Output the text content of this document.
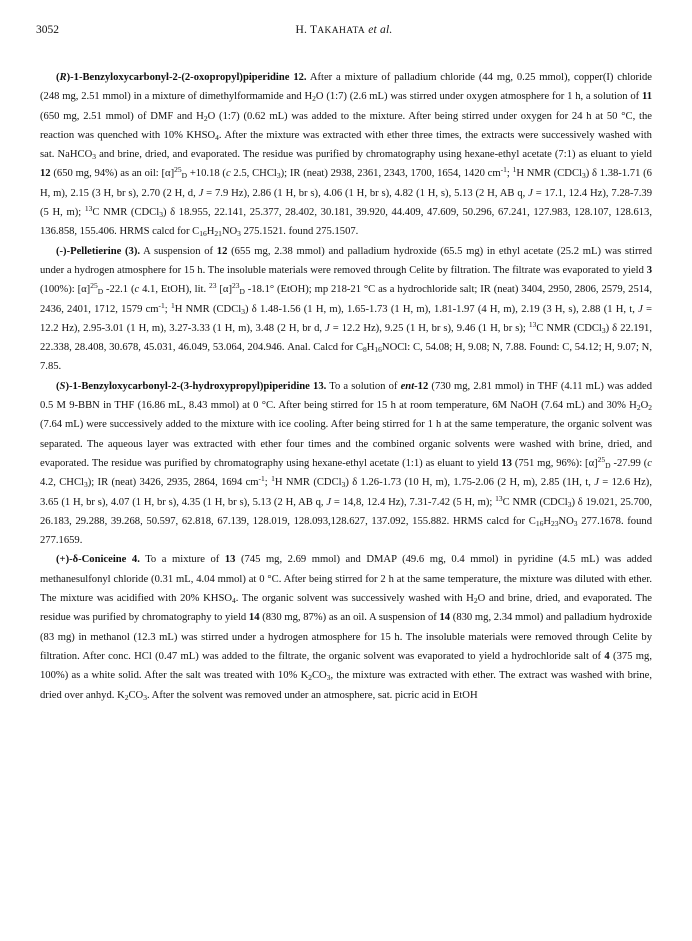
3052	H. TAKAHATA et al.

(R)-1-Benzyloxycarbonyl-2-(2-oxopropyl)piperidine 12. After a mixture of palladium chloride (44 mg, 0.25 mmol), copper(I) chloride (248 mg, 2.51 mmol) in a mixture of dimethylformamide and $H_2O$ (1:7) (2.6 mL) was stirred under oxygen atmosphere for 1 h, a solution of 11 (650 mg, 2.51 mmol) of DMF and $H_2O$ (1:7) (0.62 mL) was added to the mixture. After being stirred under oxygen for 24 h at 50 °C, the reaction was quenched with 10% $KHSO_4$. After the mixture was extracted with ether three times, the extracts were successively washed with sat. NaHCO$_3$ and brine, dried, and evaporated. The residue was purified by chromatography using hexane-ethyl acetate (7:1) as eluant to yield 12 (650 mg, 94%) as an oil: $[\alpha]^{25}_D +10.18$ (c 2.5, CHCl$_3$); IR (neat) 2938, 2361, 2343, 1700, 1654, 1420 $cm^{-1}$; $^1$H NMR (CDCl$_3$) δ 1.38-1.71 (6 H, m), 2.15 (3 H, br s), 2.70 (2 H, d, J = 7.9 Hz), 2.86 (1 H, br s), 4.06 (1 H, br s), 4.82 (1 H, s), 5.13 (2 H, AB q, J = 17.1, 12.4 Hz), 7.28-7.39 (5 H, m); $^{13}$C NMR (CDCl$_3$) δ 18.955, 22.141, 25.377, 28.402, 30.181, 39.920, 44.409, 47.609, 50.296, 67.241, 127.983, 128.107, 128.613, 136.858, 155.406. HRMS calcd for $C_{16}H_{21}NO_3$ 275.1521. found 275.1507.

(-)-Pelletierine (3). A suspension of 12 (655 mg, 2.38 mmol) and palladium hydroxide (65.5 mg) in ethyl acetate (25.2 mL) was stirred under a hydrogen atmosphere for 15 h. The insoluble materials were removed through Celite by filtration. The filtrate was evaporated to yield 3 (100%): $[\alpha]^{25}_D$ -22.1 (c 4.1, EtOH), lit. $^{23}$ $[\alpha]^{23}_D$ -18.1° (EtOH); mp 218-21 °C as a hydrochloride salt; IR (neat) 3404, 2950, 2806, 2579, 2514, 2436, 2401, 1712, 1579 $cm^{-1}$; $^1$H NMR (CDCl$_3$) δ 1.48-1.56 (1 H, m), 1.65-1.73 (1 H, m), 1.81-1.97 (4 H, m), 2.19 (3 H, s), 2.88 (1 H, t, J = 12.2 Hz), 2.95-3.01 (1 H, m), 3.27-3.33 (1 H, m), 3.48 (2 H, br d, J = 12.2 Hz), 9.25 (1 H, br s), 9.46 (1 H, br s); $^{13}$C NMR (CDCl$_3$) δ 22.191, 22.338, 28.408, 30.678, 45.031, 46.049, 53.064, 204.946. Anal. Calcd for $C_8H_{16}NOCl$: C, 54.08; H, 9.08; N, 7.88. Found: C, 54.12; H, 9.07; N, 7.85.

(S)-1-Benzyloxycarbonyl-2-(3-hydroxypropyl)piperidine 13. To a solution of ent-12 (730 mg, 2.81 mmol) in THF (4.11 mL) was added 0.5 M 9-BBN in THF (16.86 mL, 8.43 mmol) at 0 °C. After being stirred for 15 h at room temperature, 6M NaOH (7.64 mL) and 30% $H_2O_2$ (7.64 mL) were successively added to the mixture with ice cooling. After being stirred for 1 h at the same temperature, the organic solvent was separated. The aqueous layer was extracted with ether four times and the combined organic solvents were washed with brine, dried, and evaporated. The residue was purified by chromatography using hexane-ethyl acetate (1:1) as eluant to yield 13 (751 mg, 96%): $[\alpha]^{25}_D$ -27.99 (c 4.2, CHCl$_3$); IR (neat) 3426, 2935, 2864, 1694 $cm^{-1}$; $^1$H NMR (CDCl$_3$) δ 1.26-1.73 (10 H, m), 1.75-2.06 (2 H, m), 2.85 (1H, t, J = 12.6 Hz), 3.65 (1 H, br s), 4.07 (1 H, br s), 4.35 (1 H, br s), 5.13 (2 H, AB q, J = 14,8, 12.4 Hz), 7.31-7.42 (5 H, m); $^{13}$C NMR (CDCl$_3$) δ 19.021, 25.700, 26.183, 29.288, 39.268, 50.597, 62.818, 67.139, 128.019, 128.093,128.627, 137.092, 155.882. HRMS calcd for $C_{16}H_{23}NO_3$ 277.1678. found 277.1659.

(+)-δ-Coniceine 4. To a mixture of 13 (745 mg, 2.69 mmol) and DMAP (49.6 mg, 0.4 mmol) in pyridine (4.5 mL) was added methanesulfonyl chloride (0.31 mL, 4.04 mmol) at 0 °C. After being stirred for 2 h at the same temperature, the mixture was diluted with ether. The mixture was acidified with 20% $KHSO_4$. The organic solvent was successively washed with $H_2O$ and brine, dried, and evaporated. The residue was purified by chromatography to yield 14 (830 mg, 87%) as an oil. A suspension of 14 (830 mg, 2.34 mmol) and palladium hydroxide (83 mg) in methanol (12.3 mL) was stirred under a hydrogen atmosphere for 15 h. The insoluble materials were removed through Celite by filtration. After conc. HCl (0.47 mL) was added to the filtrate, the organic solvent was evaporated to yield a hydrochloride salt of 4 (375 mg, 100%) as a white solid. After the salt was treated with 10% $K_2CO_3$, the mixture was extracted with ether. The extract was washed with brine, dried over anhyd. $K_2CO_3$. After the solvent was removed under an atmosphere, sat. picric acid in EtOH
